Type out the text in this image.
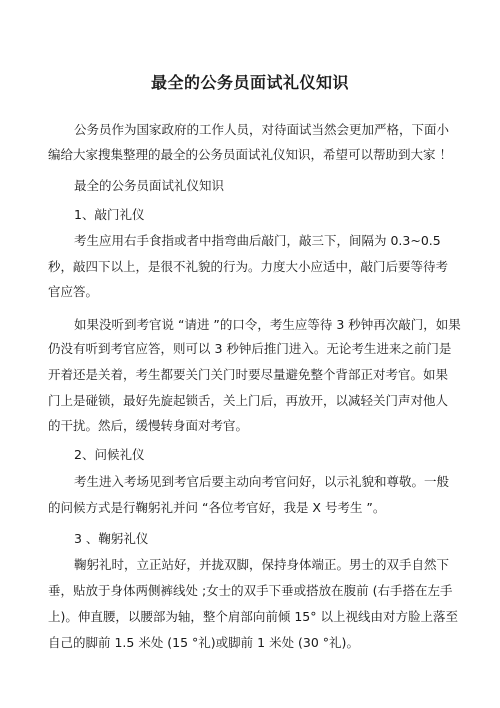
最全的公务员面试礼仪知识
公务员作为国家政府的工作人员，对待面试当然会更加严格，下面小
编给大家搜集整理的最全的公务员面试礼仪知识，希望可以帮助到大家 ！
最全的公务员面试礼仪知识
1、敲门礼仪
考生应用右手食指或者中指弯曲后敲门，敲三下，间隔为 0.3~0.5
秒，敲四下以上，是很不礼貌的行为。力度大小应适中，敲门后要等待考
官应答。
如果没听到考官说 “请进 ”的口令，考生应等待 3 秒钟再次敲门，如果
仍没有听到考官应答，则可以 3 秒钟后推门进入。无论考生进来之前门是
开着还是关着，考生都要关门关门时要尽量避免整个背部正对考官。如果
门上是碰锁，最好先旋起锁舌，关上门后，再放开，以减轻关门声对他人
的干扰。然后，缓慢转身面对考官。
2、问候礼仪
考生进入考场见到考官后要主动向考官问好，以示礼貌和尊敬。一般
的问候方式是行鞠躬礼并问 “各位考官好，我是 X 号考生 ”。
3 、鞠躬礼仪
鞠躬礼时，立正站好，并拢双脚，保持身体端正。男士的双手自然下
垂，贴放于身体两侧裤线处 ;女士的双手下垂或搭放在腹前 (右手搭在左手
上)。伸直腰，以腰部为轴，整个肩部向前倾 15° 以上视线由对方脸上落至
自己的脚前 1.5 米处 (15 °礼)或脚前 1 米处 (30 °礼)。
